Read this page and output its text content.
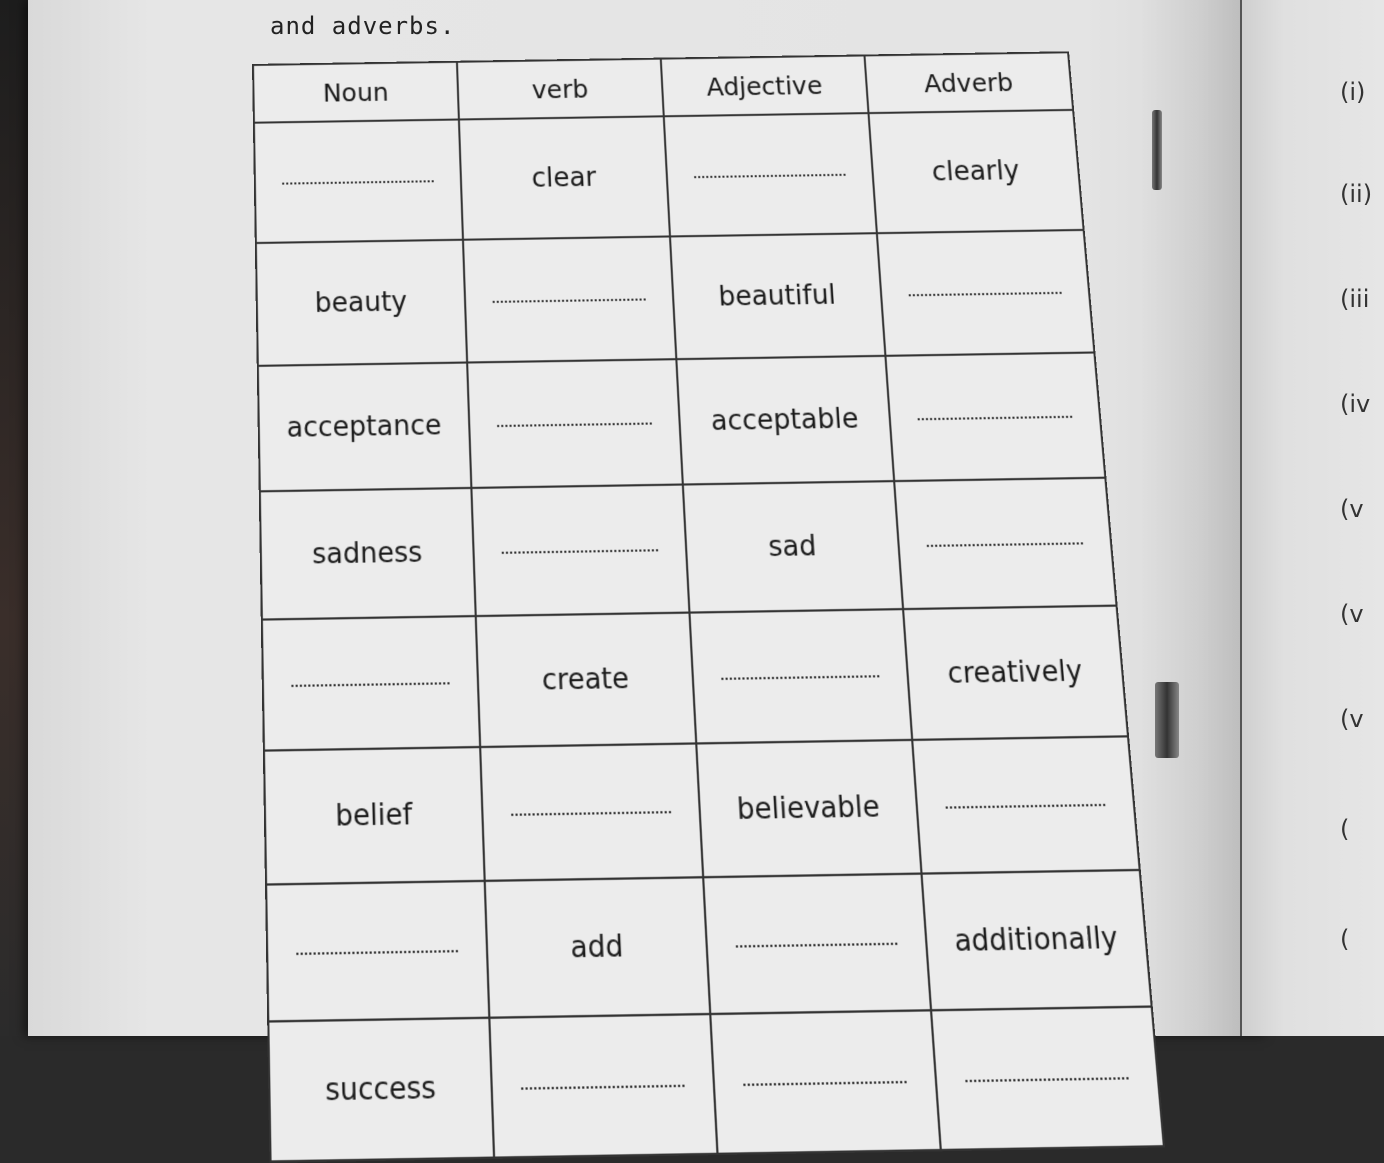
and adverbs.
Noun	verb	Adjective	Adverb
	clear		clearly
beauty		beautiful	
acceptance		acceptable	
sadness		sad	
	create		creatively
belief		believable	
	add		additionally
success			
(i)
(ii)
(iii
(iv
(v
(v
(v
(
(
